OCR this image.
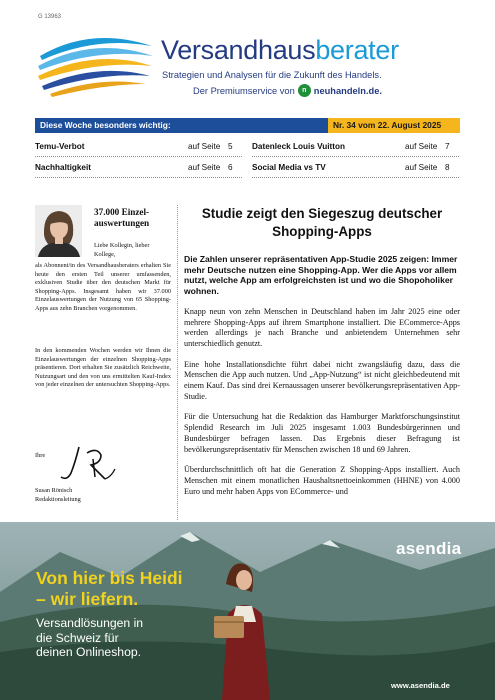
G 13963
Versandhausberater
Strategien und Analysen für die Zukunft des Handels.
Der Premiumservice von	n neuhandeln.de.
Diese Woche besonders wichtig:	Nr. 34 vom 22. August 2025
Temu-Verbot	auf Seite 5	Datenleck Louis Vuitton	auf Seite 7
Nachhaltigkeit	auf Seite 6	Social Media vs TV	auf Seite 8
37.000 Einzel- auswertungen
Liebe Kollegin, lieber Kollege,

als Abonnent/in des Versandhausberaters erhalten Sie heute den ersten Teil unserer umfassenden, exklusiven Studie über den deutschen Markt für Shopping-Apps. Insgesamt haben wir 37.000 Einzelauswertungen der Nutzung von 65 Shopping-Apps aus zehn Branchen vorgenommen.

In den kommenden Wochen werden wir Ihnen die Einzelauswertungen der einzelnen Shopping-Apps präsentieren. Dort erhalten Sie zusätzlich Reichweite, Nutzungsart und den von uns ermittelten Kauf-Index von jeder einzelnen der untersuchten Shopping-Apps.

Ihre
Susan Rönisch
Redaktionsleitung
Studie zeigt den Siegeszug deutscher Shopping-Apps

Die Zahlen unserer repräsentativen App-Studie 2025 zeigen: Immer mehr Deutsche nutzen eine Shopping-App. Wer die Apps vor allem nutzt, welche App am erfolgreichsten ist und wo die Shopoholiker wohnen.

Knapp neun von zehn Menschen in Deutschland haben im Jahr 2025 eine oder mehrere Shopping-Apps auf ihrem Smartphone installiert. Die ECommerce-Apps werden allerdings je nach Branche und anbietendem Unternehmen sehr unterschiedlich genutzt.

Eine hohe Installationsdichte führt dabei nicht zwangsläufig dazu, dass die Menschen die App auch nutzen. Und „App-Nutzung“ ist nicht gleichbedeutend mit einem Kauf. Das sind drei Kernaussagen unserer bevölkerungsrepräsentativen App-Studie.

Für die Untersuchung hat die Redaktion das Hamburger Marktforschungsinstitut Splendid Research im Juli 2025 insgesamt 1.003 Bundesbürgerinnen und Bundesbürger befragen lassen. Das Ergebnis dieser Befragung ist bevölkerungsrepräsentativ für Menschen zwischen 18 und 69 Jahren.

Überdurchschnittlich oft hat die Generation Z Shopping-Apps installiert. Auch Menschen mit einem monatlichen Haushaltsnettoeinkommen (HHNE) von 4.000 Euro und mehr haben Apps von ECommerce- und

Von hier bis Heidi
– wir liefern.
Versandlösungen in
die Schweiz für
deinen Onlineshop.
asendia
www.asendia.de
